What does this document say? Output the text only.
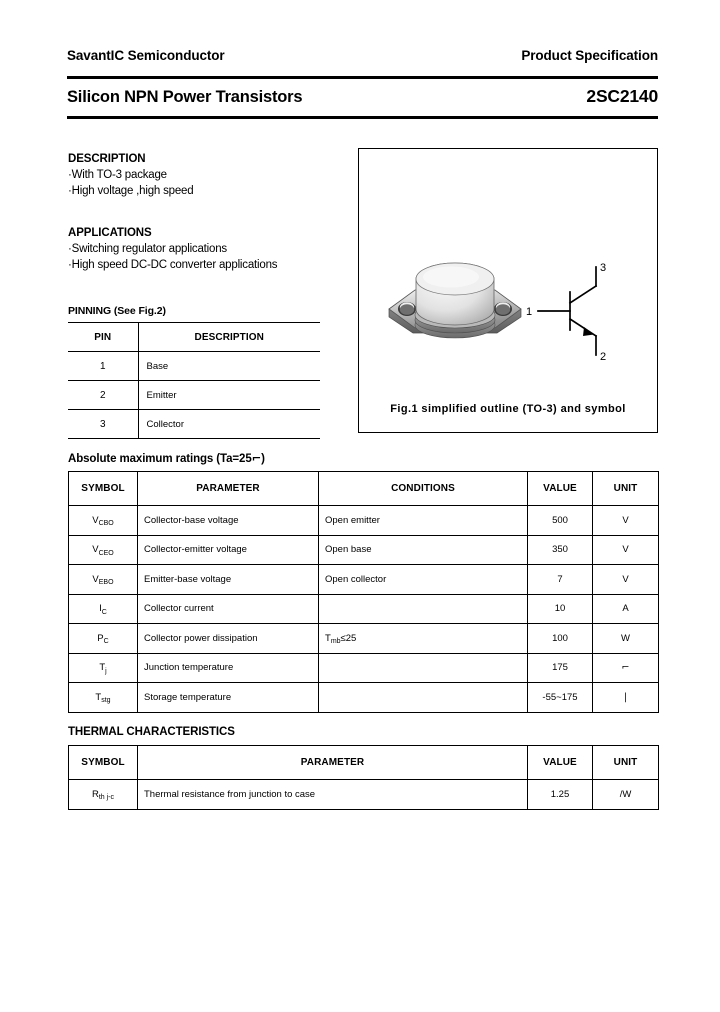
SavantIC Semiconductor	Product Specification
Silicon NPN Power Transistors	2SC2140
DESCRIPTION
·With TO-3 package
·High voltage ,high speed
APPLICATIONS
·Switching regulator applications
·High speed DC-DC converter applications
PINNING (See Fig.2)
PIN	DESCRIPTION
1	Base
2	Emitter
3	Collector
3
1
2
Fig.1 simplified outline (TO-3) and symbol
Absolute maximum ratings (Ta=25⌐)
SYMBOL	PARAMETER	CONDITIONS	VALUE	UNIT
$V_{CBO}$	Collector-base voltage	Open emitter	500	V
$V_{CEO}$	Collector-emitter voltage	Open base	350	V
$V_{EBO}$	Emitter-base voltage	Open collector	7	V
$I_C$	Collector current		10	A
$P_C$	Collector power dissipation	$T_{mb}\le 25$	100	W
$T_j$	Junction temperature		175	⌐
$T_{stg}$	Storage temperature		-55~175	|
THERMAL CHARACTERISTICS
SYMBOL	PARAMETER	VALUE	UNIT
$R_{th j-c}$	Thermal resistance from junction to case	1.25	/W
